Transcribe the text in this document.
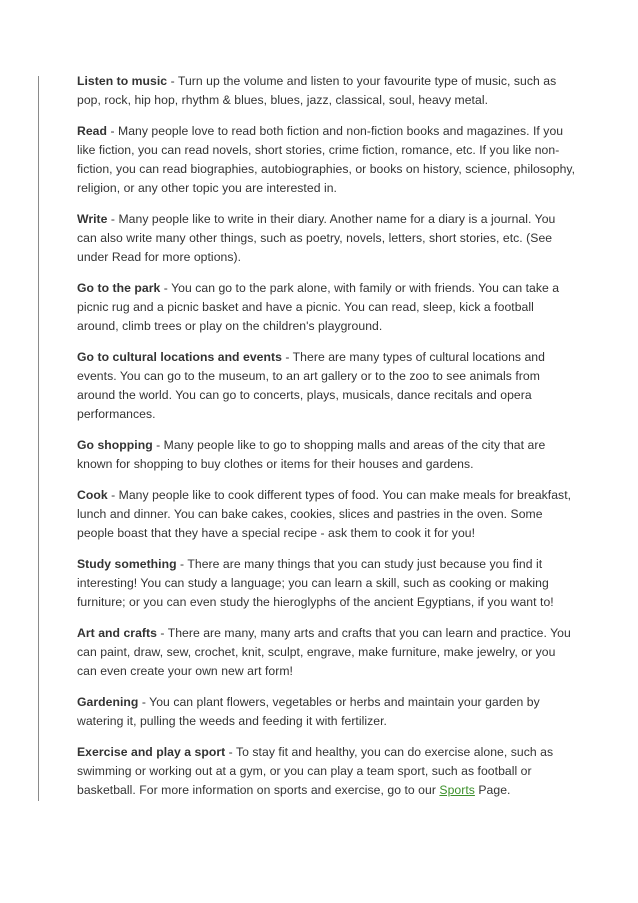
Listen to music - Turn up the volume and listen to your favourite type of music, such as pop, rock, hip hop, rhythm & blues, blues, jazz, classical, soul, heavy metal.

Read - Many people love to read both fiction and non-fiction books and magazines. If you like fiction, you can read novels, short stories, crime fiction, romance, etc. If you like non-fiction, you can read biographies, autobiographies, or books on history, science, philosophy, religion, or any other topic you are interested in.

Write - Many people like to write in their diary. Another name for a diary is a journal. You can also write many other things, such as poetry, novels, letters, short stories, etc. (See under Read for more options).

Go to the park - You can go to the park alone, with family or with friends. You can take a picnic rug and a picnic basket and have a picnic. You can read, sleep, kick a football around, climb trees or play on the children's playground.

Go to cultural locations and events - There are many types of cultural locations and events. You can go to the museum, to an art gallery or to the zoo to see animals from around the world. You can go to concerts, plays, musicals, dance recitals and opera performances.

Go shopping - Many people like to go to shopping malls and areas of the city that are known for shopping to buy clothes or items for their houses and gardens.

Cook - Many people like to cook different types of food. You can make meals for breakfast, lunch and dinner. You can bake cakes, cookies, slices and pastries in the oven. Some people boast that they have a special recipe - ask them to cook it for you!

Study something - There are many things that you can study just because you find it interesting! You can study a language; you can learn a skill, such as cooking or making furniture; or you can even study the hieroglyphs of the ancient Egyptians, if you want to!

Art and crafts - There are many, many arts and crafts that you can learn and practice. You can paint, draw, sew, crochet, knit, sculpt, engrave, make furniture, make jewelry, or you can even create your own new art form!

Gardening - You can plant flowers, vegetables or herbs and maintain your garden by watering it, pulling the weeds and feeding it with fertilizer.

Exercise and play a sport - To stay fit and healthy, you can do exercise alone, such as swimming or working out at a gym, or you can play a team sport, such as football or basketball. For more information on sports and exercise, go to our Sports Page.
